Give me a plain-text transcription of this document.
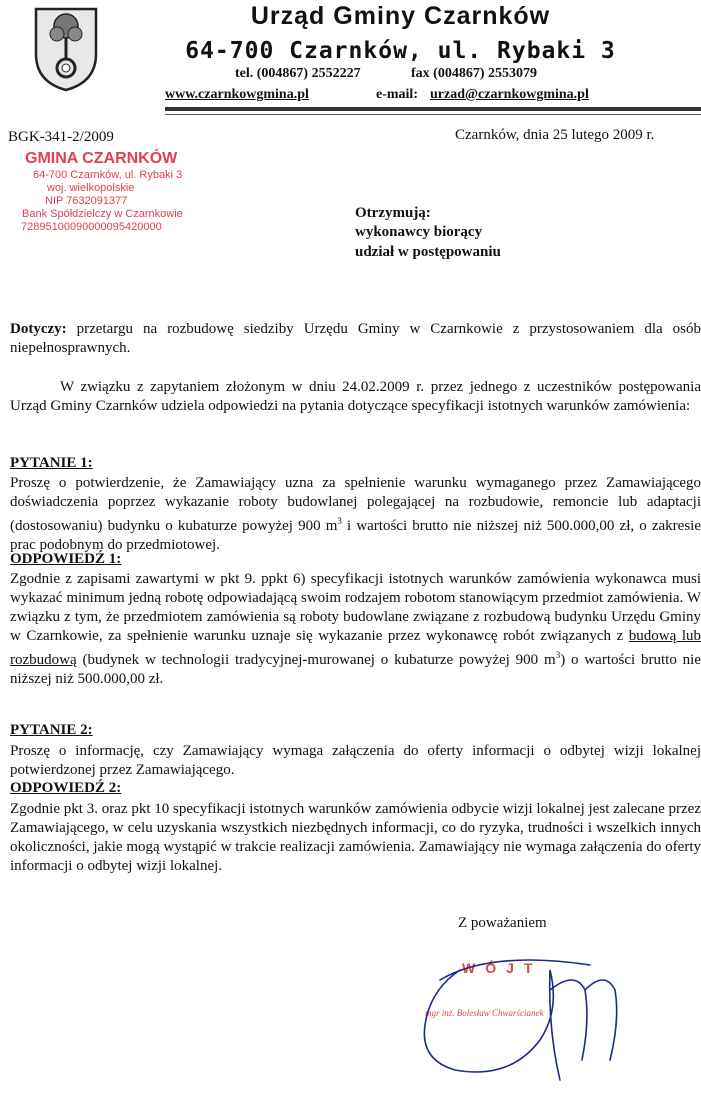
Urząd Gminy Czarnków
64-700 Czarnków, ul. Rybaki 3
tel. (004867) 2552227	fax (004867) 2553079
www.czarnkowgmina.pl	e-mail: urzad@czarnkowgmina.pl
BGK-341-2/2009	Czarnków, dnia 25 lutego 2009 r.
GMINA CZARNKÓW
64-700 Czarnków, ul. Rybaki 3
woj. wielkopolskie
NIP 7632091377
Bank Spółdzielczy w Czarnkowie
72895100090000095420000
Otrzymują:
wykonawcy biorący
udział w postępowaniu
Dotyczy: przetargu na rozbudowę siedziby Urzędu Gminy w Czarnkowie z przystosowaniem dla osób niepełnosprawnych.
W związku z zapytaniem złożonym w dniu 24.02.2009 r. przez jednego z uczestników postępowania Urząd Gminy Czarnków udziela odpowiedzi na pytania dotyczące specyfikacji istotnych warunków zamówienia:
PYTANIE 1:
Proszę o potwierdzenie, że Zamawiający uzna za spełnienie warunku wymaganego przez Zamawiającego doświadczenia poprzez wykazanie roboty budowlanej polegającej na rozbudowie, remoncie lub adaptacji (dostosowaniu) budynku o kubaturze powyżej 900 $m^3$ i wartości brutto nie niższej niż 500.000,00 zł, o zakresie prac podobnym do przedmiotowej.
ODPOWIEDŹ 1:
Zgodnie z zapisami zawartymi w pkt 9. ppkt 6) specyfikacji istotnych warunków zamówienia wykonawca musi wykazać minimum jedną robotę odpowiadającą swoim rodzajem robotom stanowiącym przedmiot zamówienia. W związku z tym, że przedmiotem zamówienia są roboty budowlane związane z rozbudową budynku Urzędu Gminy w Czarnkowie, za spełnienie warunku uznaje się wykazanie przez wykonawcę robót związanych z budową lub rozbudową (budynek w technologii tradycyjnej-murowanej o kubaturze powyżej 900 $m^3$) o wartości brutto nie niższej niż 500.000,00 zł.
PYTANIE 2:
Proszę o informację, czy Zamawiający wymaga załączenia do oferty informacji o odbytej wizji lokalnej potwierdzonej przez Zamawiającego.
ODPOWIEDŹ 2:
Zgodnie pkt 3. oraz pkt 10 specyfikacji istotnych warunków zamówienia odbycie wizji lokalnej jest zalecane przez Zamawiającego, w celu uzyskania wszystkich niezbędnych informacji, co do ryzyka, trudności i wszelkich innych okoliczności, jakie mogą wystąpić w trakcie realizacji zamówienia. Zamawiający nie wymaga załączenia do oferty informacji o odbytej wizji lokalnej.
Z poważaniem
WÓJT
mgr inż. Bolesław Chwarścianek
